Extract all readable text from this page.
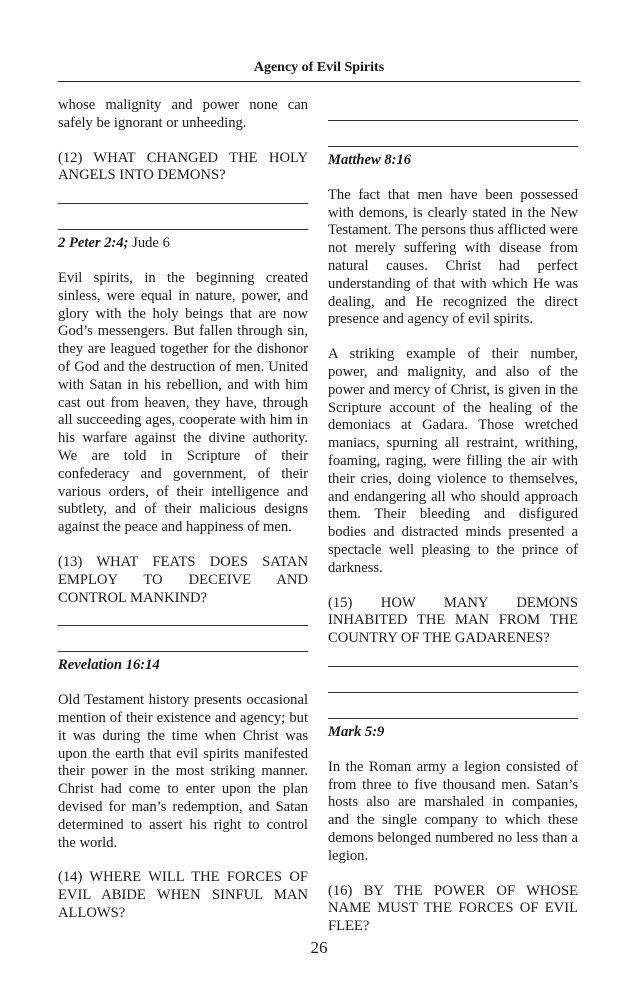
Agency of Evil Spirits

whose malignity and power none can safely be ignorant or unheeding.

(12) WHAT CHANGED THE HOLY ANGELS INTO DEMONS?

2 Peter 2:4; Jude 6

Evil spirits, in the beginning created sinless, were equal in nature, power, and glory with the holy beings that are now God’s messengers. But fallen through sin, they are leagued together for the dishonor of God and the destruction of men. United with Satan in his rebellion, and with him cast out from heaven, they have, through all succeeding ages, cooperate with him in his warfare against the divine authority. We are told in Scripture of their confederacy and government, of their various orders, of their intelligence and subtlety, and of their malicious designs against the peace and happiness of men.

(13) WHAT FEATS DOES SATAN EMPLOY TO DECEIVE AND CONTROL MANKIND?

Revelation 16:14

Old Testament history presents occasional mention of their existence and agency; but it was during the time when Christ was upon the earth that evil spirits manifested their power in the most striking manner. Christ had come to enter upon the plan devised for man’s redemption, and Satan determined to assert his right to control the world.

(14) WHERE WILL THE FORCES OF EVIL ABIDE WHEN SINFUL MAN ALLOWS?

Matthew 8:16

The fact that men have been possessed with demons, is clearly stated in the New Testament. The persons thus afflicted were not merely suffering with disease from natural causes. Christ had perfect understanding of that with which He was dealing, and He recognized the direct presence and agency of evil spirits.

A striking example of their number, power, and malignity, and also of the power and mercy of Christ, is given in the Scripture account of the healing of the demoniacs at Gadara. Those wretched maniacs, spurning all restraint, writhing, foaming, raging, were filling the air with their cries, doing violence to themselves, and endangering all who should approach them. Their bleeding and disfigured bodies and distracted minds presented a spectacle well pleasing to the prince of darkness.

(15) HOW MANY DEMONS INHABITED THE MAN FROM THE COUNTRY OF THE GADARENES?

Mark 5:9

In the Roman army a legion consisted of from three to five thousand men. Satan’s hosts also are marshaled in companies, and the single company to which these demons belonged numbered no less than a legion.

(16) BY THE POWER OF WHOSE NAME MUST THE FORCES OF EVIL FLEE?

26
